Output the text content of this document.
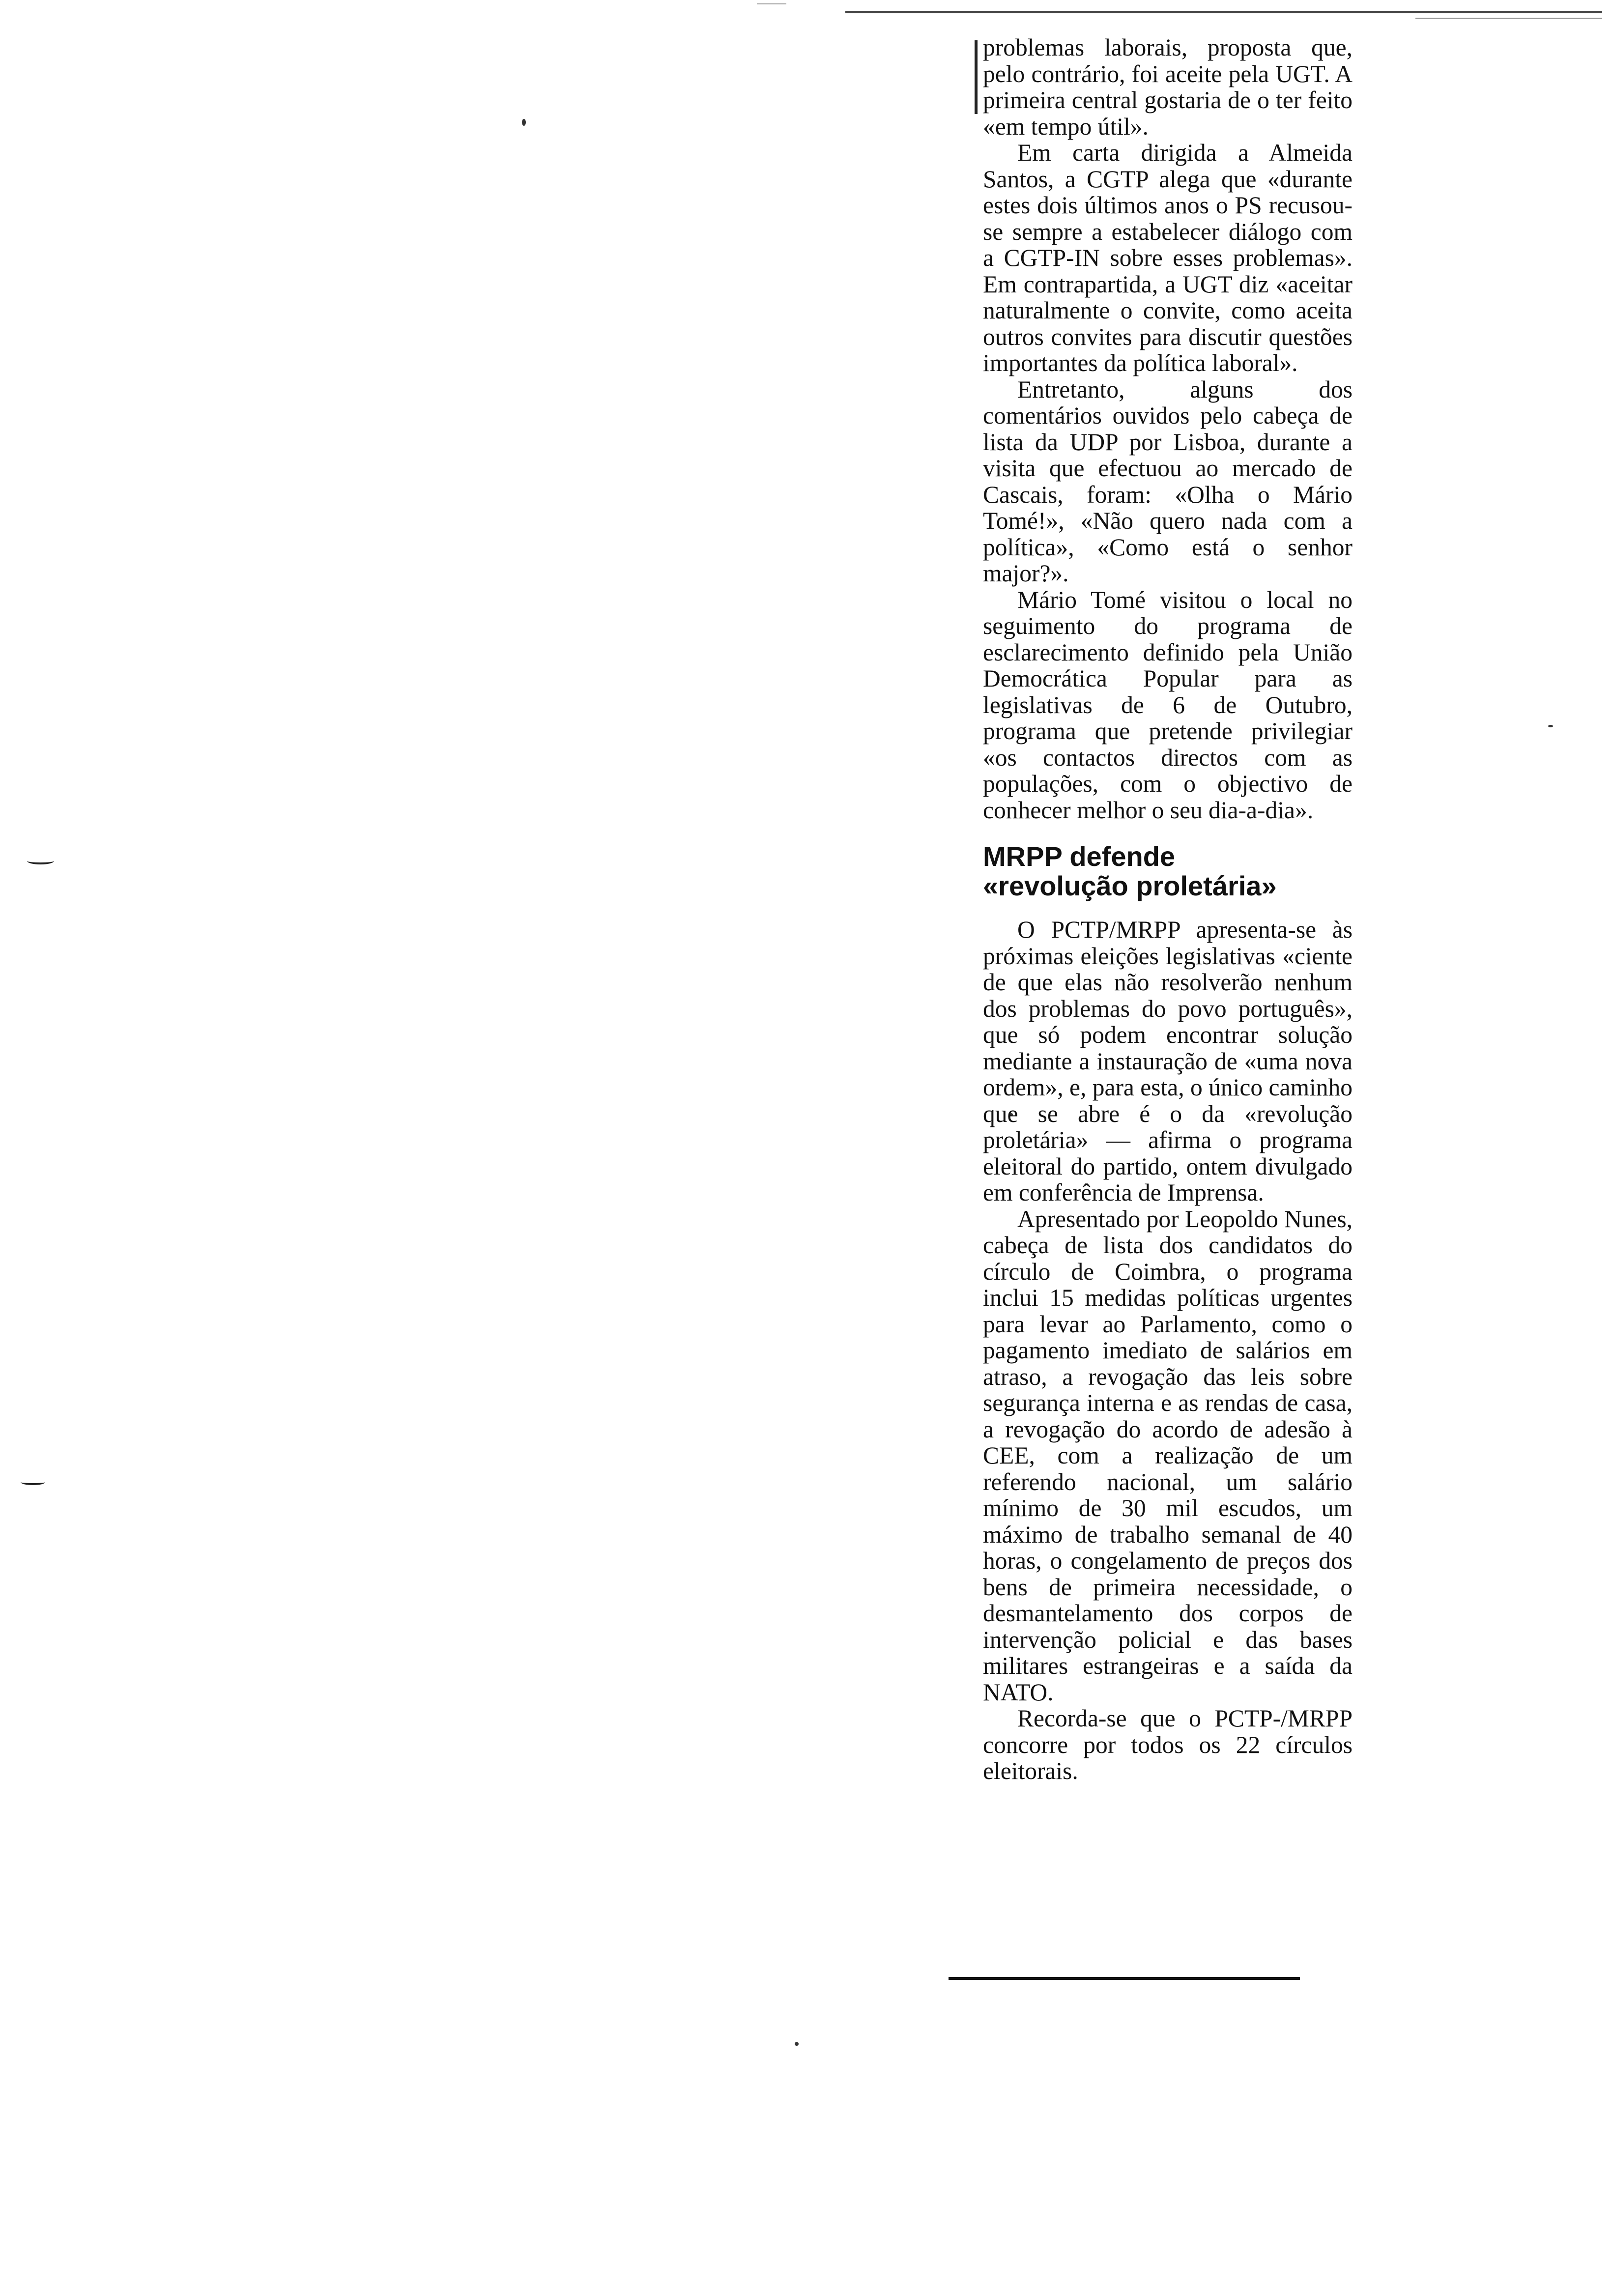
problemas laborais, proposta que, pelo contrário, foi aceite pela UGT. A primeira central gostaria de o ter feito «em tempo útil».

Em carta dirigida a Almeida Santos, a CGTP alega que «durante estes dois últimos anos o PS recusou-se sempre a estabelecer diálogo com a CGTP-IN sobre esses problemas». Em contrapartida, a UGT diz «aceitar naturalmente o convite, como aceita outros convites para discutir questões importantes da política laboral».

Entretanto, alguns dos comentários ouvidos pelo cabeça de lista da UDP por Lisboa, durante a visita que efectuou ao mercado de Cascais, foram: «Olha o Mário Tomé!», «Não quero nada com a política», «Como está o senhor major?».

Mário Tomé visitou o local no seguimento do programa de esclarecimento definido pela União Democrática Popular para as legislativas de 6 de Outubro, programa que pretende privilegiar «os contactos directos com as populações, com o objectivo de conhecer melhor o seu dia-a-dia».

MRPP defende
«revolução proletária»

O PCTP/MRPP apresenta-se às próximas eleições legislativas «ciente de que elas não resolverão nenhum dos problemas do povo português», que só podem encontrar solução mediante a instauração de «uma nova ordem», e, para esta, o único caminho que se abre é o da «revolução proletária» — afirma o programa eleitoral do partido, ontem divulgado em conferência de Imprensa.

Apresentado por Leopoldo Nunes, cabeça de lista dos candidatos do círculo de Coimbra, o programa inclui 15 medidas políticas urgentes para levar ao Parlamento, como o pagamento imediato de salários em atraso, a revogação das leis sobre segurança interna e as rendas de casa, a revogação do acordo de adesão à CEE, com a realização de um referendo nacional, um salário mínimo de 30 mil escudos, um máximo de trabalho semanal de 40 horas, o congelamento de preços dos bens de primeira necessidade, o desmantelamento dos corpos de intervenção policial e das bases militares estrangeiras e a saída da NATO.

Recorda-se que o PCTP-/MRPP concorre por todos os 22 círculos eleitorais.
